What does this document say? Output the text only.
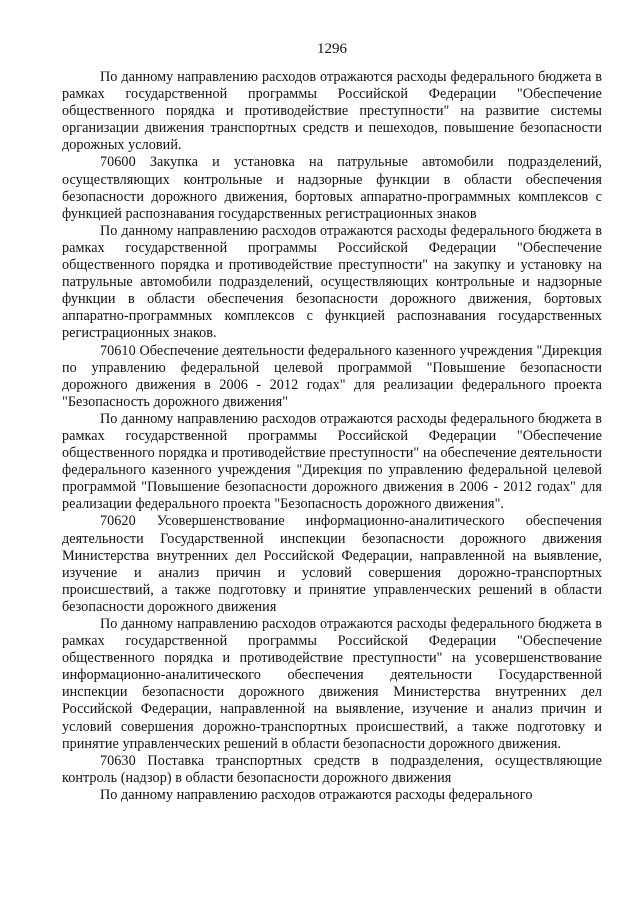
1296

По данному направлению расходов отражаются расходы федерального бюджета в рамках государственной программы Российской Федерации "Обеспечение общественного порядка и противодействие преступности" на развитие системы организации движения транспортных средств и пешеходов, повышение безопасности дорожных условий.

70600 Закупка и установка на патрульные автомобили подразделений, осуществляющих контрольные и надзорные функции в области обеспечения безопасности дорожного движения, бортовых аппаратно-программных комплексов с функцией распознавания государственных регистрационных знаков

По данному направлению расходов отражаются расходы федерального бюджета в рамках государственной программы Российской Федерации "Обеспечение общественного порядка и противодействие преступности" на закупку и установку на патрульные автомобили подразделений, осуществляющих контрольные и надзорные функции в области обеспечения безопасности дорожного движения, бортовых аппаратно-программных комплексов с функцией распознавания государственных регистрационных знаков.

70610 Обеспечение деятельности федерального казенного учреждения "Дирекция по управлению федеральной целевой программой "Повышение безопасности дорожного движения в 2006 - 2012 годах" для реализации федерального проекта "Безопасность дорожного движения"

По данному направлению расходов отражаются расходы федерального бюджета в рамках государственной программы Российской Федерации "Обеспечение общественного порядка и противодействие преступности" на обеспечение деятельности федерального казенного учреждения "Дирекция по управлению федеральной целевой программой "Повышение безопасности дорожного движения в 2006 - 2012 годах" для реализации федерального проекта "Безопасность дорожного движения".

70620 Усовершенствование информационно-аналитического обеспечения деятельности Государственной инспекции безопасности дорожного движения Министерства внутренних дел Российской Федерации, направленной на выявление, изучение и анализ причин и условий совершения дорожно-транспортных происшествий, а также подготовку и принятие управленческих решений в области безопасности дорожного движения

По данному направлению расходов отражаются расходы федерального бюджета в рамках государственной программы Российской Федерации "Обеспечение общественного порядка и противодействие преступности" на усовершенствование информационно-аналитического обеспечения деятельности Государственной инспекции безопасности дорожного движения Министерства внутренних дел Российской Федерации, направленной на выявление, изучение и анализ причин и условий совершения дорожно-транспортных происшествий, а также подготовку и принятие управленческих решений в области безопасности дорожного движения.

70630 Поставка транспортных средств в подразделения, осуществляющие контроль (надзор) в области безопасности дорожного движения

По данному направлению расходов отражаются расходы федерального
